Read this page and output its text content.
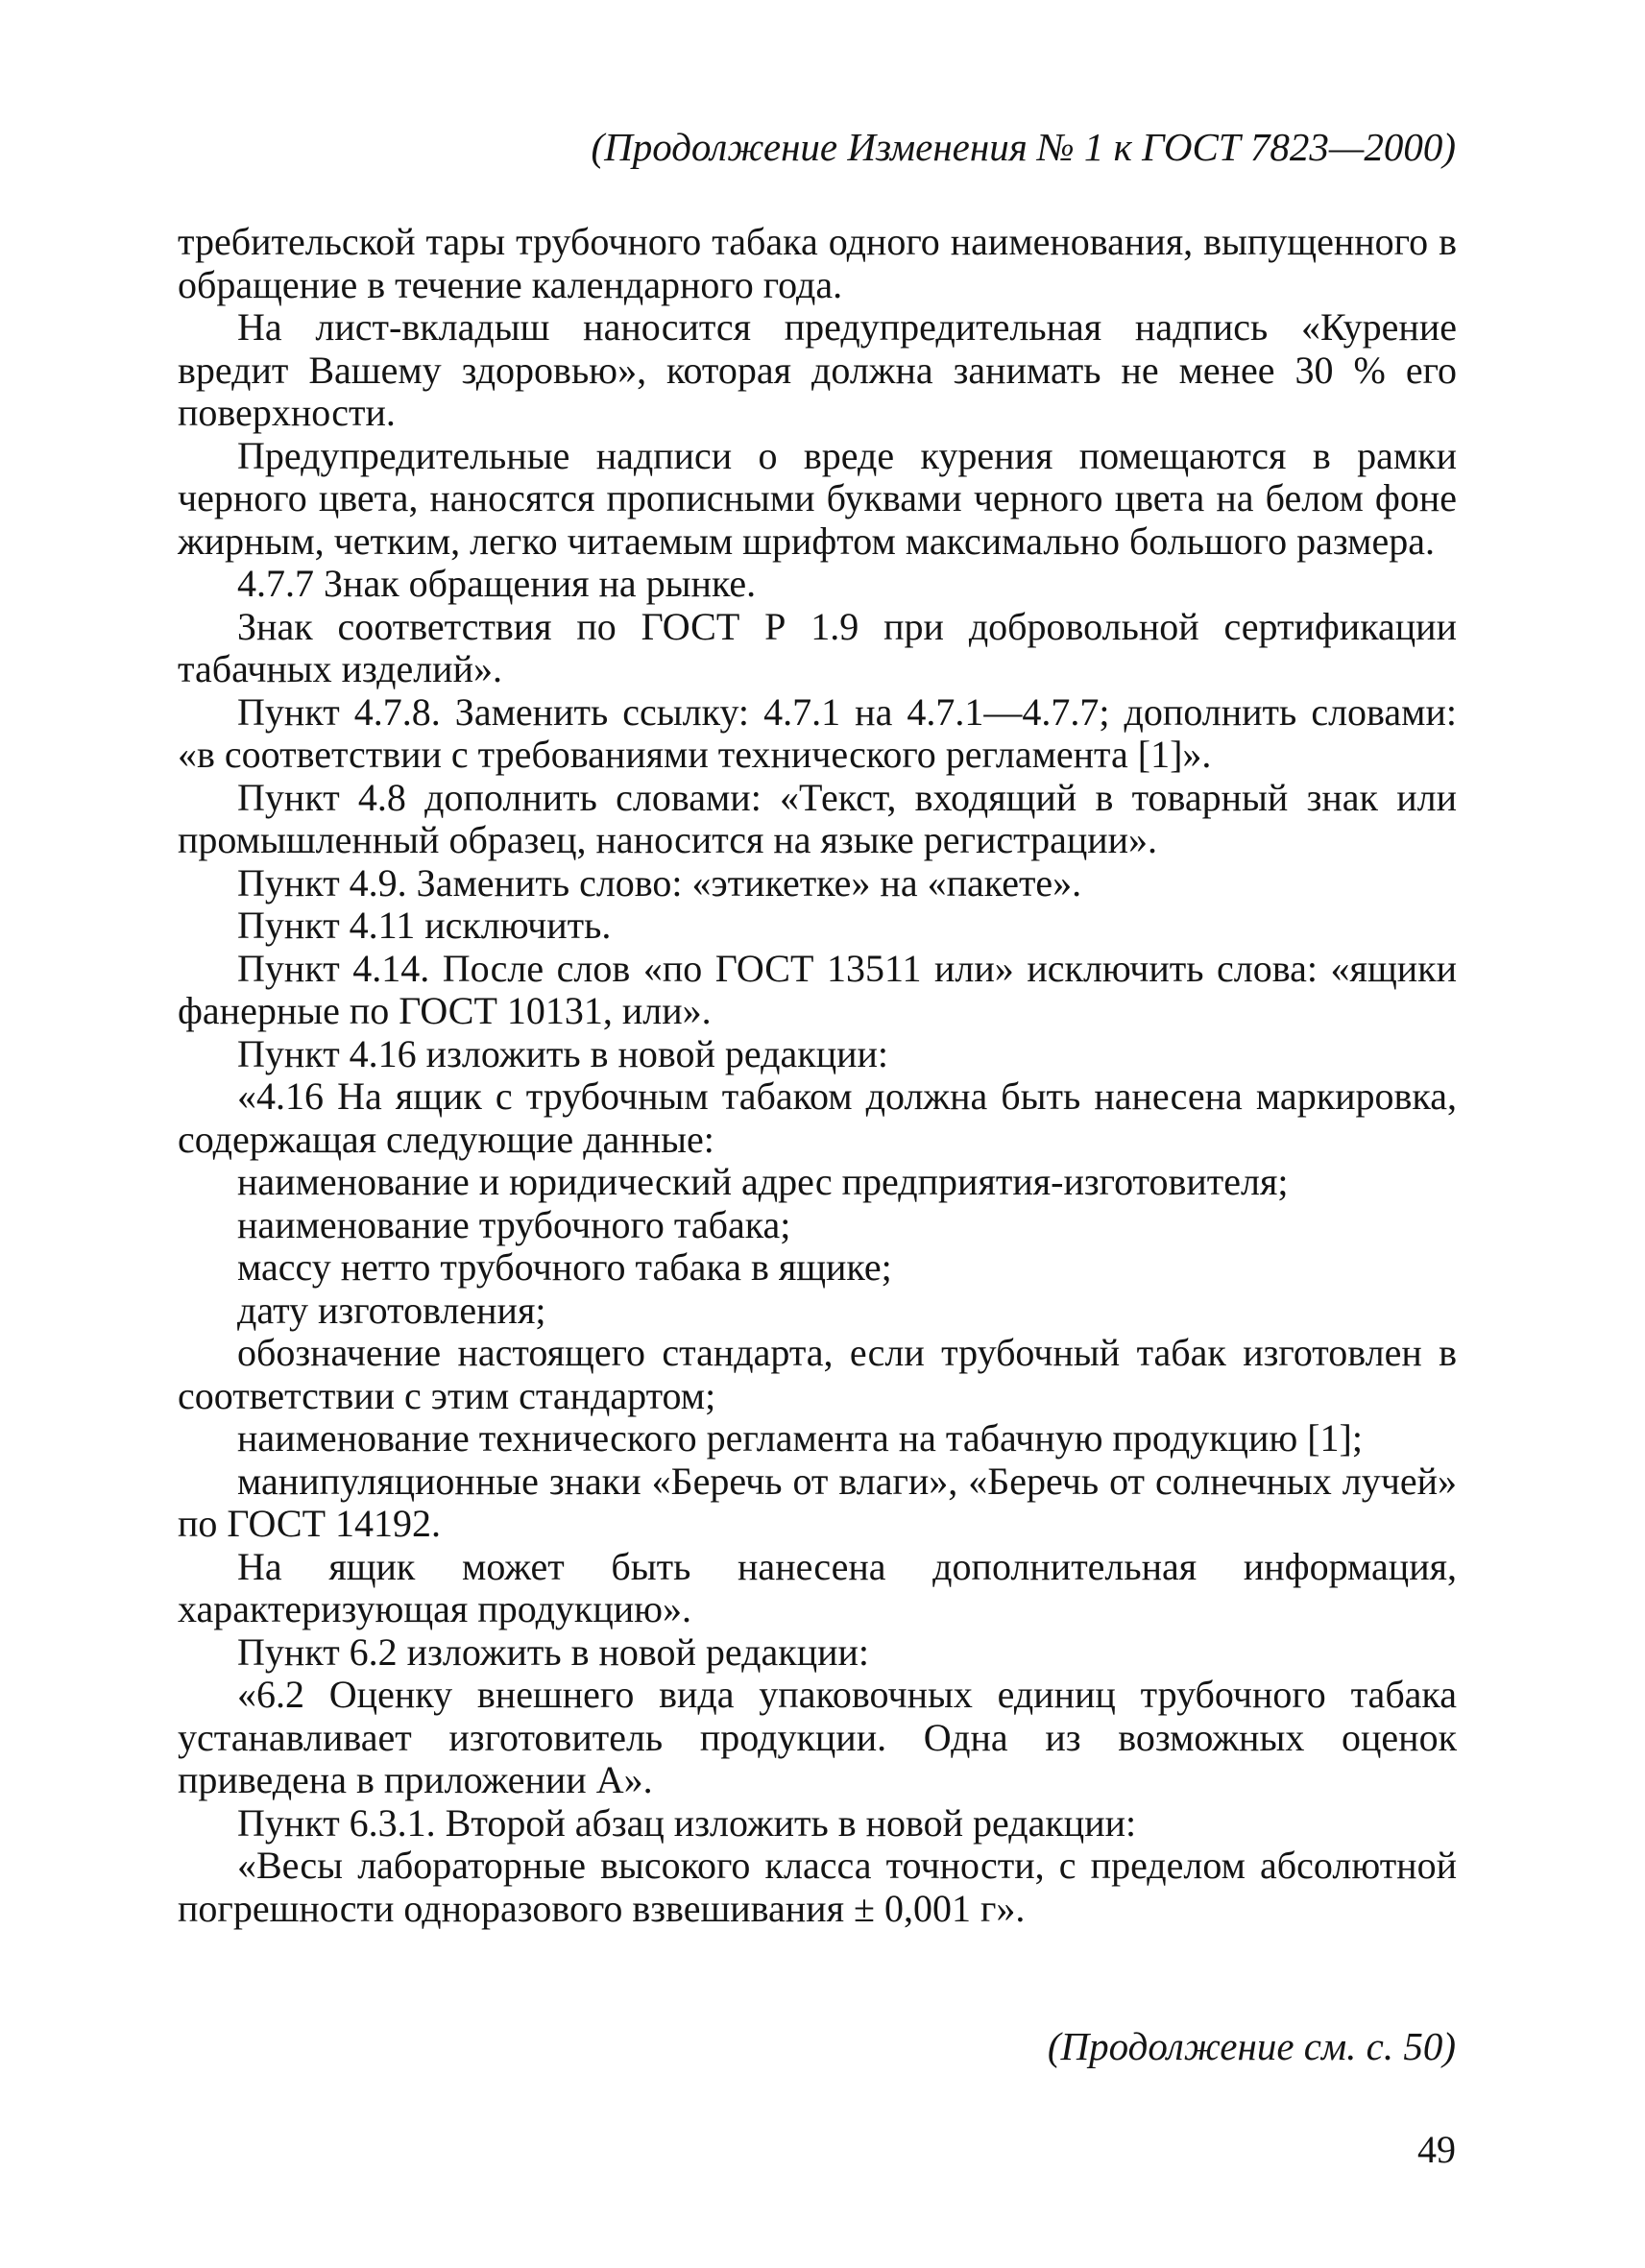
(Продолжение Изменения № 1 к ГОСТ 7823—2000)

требительской тары трубочного табака одного наименования, выпущенного в обращение в течение календарного года.

На лист-вкладыш наносится предупредительная надпись «Курение вредит Вашему здоровью», которая должна занимать не менее 30 % его поверхности.

Предупредительные надписи о вреде курения помещаются в рамки черного цвета, наносятся прописными буквами черного цвета на белом фоне жирным, четким, легко читаемым шрифтом максимально большого размера.

4.7.7 Знак обращения на рынке.

Знак соответствия по ГОСТ Р 1.9 при добровольной сертификации табачных изделий».

Пункт 4.7.8. Заменить ссылку: 4.7.1 на 4.7.1—4.7.7; дополнить словами: «в соответствии с требованиями технического регламента [1]».

Пункт 4.8 дополнить словами: «Текст, входящий в товарный знак или промышленный образец, наносится на языке регистрации».

Пункт 4.9. Заменить слово: «этикетке» на «пакете».

Пункт 4.11 исключить.

Пункт 4.14. После слов «по ГОСТ 13511 или» исключить слова: «ящики фанерные по ГОСТ 10131, или».

Пункт 4.16 изложить в новой редакции:

«4.16 На ящик с трубочным табаком должна быть нанесена маркировка, содержащая следующие данные:

наименование и юридический адрес предприятия-изготовителя;

наименование трубочного табака;

массу нетто трубочного табака в ящике;

дату изготовления;

обозначение настоящего стандарта, если трубочный табак изготовлен в соответствии с этим стандартом;

наименование технического регламента на табачную продукцию [1];

манипуляционные знаки «Беречь от влаги», «Беречь от солнечных лучей» по ГОСТ 14192.

На ящик может быть нанесена дополнительная информация, характеризующая продукцию».

Пункт 6.2 изложить в новой редакции:

«6.2 Оценку внешнего вида упаковочных единиц трубочного табака устанавливает изготовитель продукции. Одна из возможных оценок приведена в приложении А».

Пункт 6.3.1. Второй абзац изложить в новой редакции:

«Весы лабораторные высокого класса точности, с пределом абсолютной погрешности одноразового взвешивания ± 0,001 г».

(Продолжение см. с. 50)
49
